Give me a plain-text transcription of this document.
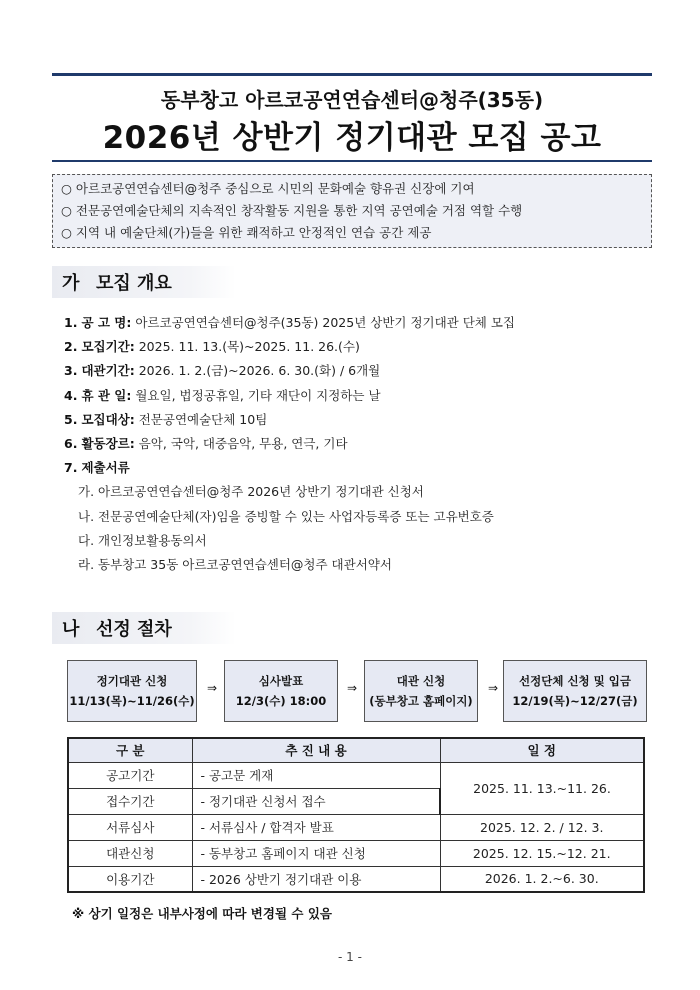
동부창고 아르코공연연습센터@청주(35동)
2026년 상반기 정기대관 모집 공고
○ 아르코공연연습센터@청주 중심으로 시민의 문화예술 향유권 신장에 기여
○ 전문공연예술단체의 지속적인 창작활동 지원을 통한 지역 공연예술 거점 역할 수행
○ 지역 내 예술단체(가)들을 위한 쾌적하고 안정적인 연습 공간 제공
가 모집 개요
1. 공 고 명: 아르코공연연습센터@청주(35동) 2025년 상반기 정기대관 단체 모집
2. 모집기간: 2025. 11. 13.(목)~2025. 11. 26.(수)
3. 대관기간: 2026. 1. 2.(금)~2026. 6. 30.(화) / 6개월
4. 휴 관 일: 월요일, 법정공휴일, 기타 재단이 지정하는 날
5. 모집대상: 전문공연예술단체 10팀
6. 활동장르: 음악, 국악, 대중음악, 무용, 연극, 기타
7. 제출서류
가. 아르코공연연습센터@청주 2026년 상반기 정기대관 신청서
나. 전문공연예술단체(자)임을 증빙할 수 있는 사업자등록증 또는 고유번호증
다. 개인정보활용동의서
라. 동부창고 35동 아르코공연연습센터@청주 대관서약서
나 선정 절차
정기대관 신청
11/13(목)~11/26(수)
⇒	심사발표
12/3(수) 18:00
⇒	대관 신청
(동부창고 홈페이지)
⇒	선정단체 신청 및 입금
12/19(목)~12/27(금)
구 분	추 진 내 용	일 정
공고기간	- 공고문 게재	2025. 11. 13.~11. 26.
접수기간	- 정기대관 신청서 접수	
서류심사	- 서류심사 / 합격자 발표	2025. 12. 2. / 12. 3.
대관신청	- 동부창고 홈페이지 대관 신청	2025. 12. 15.~12. 21.
이용기간	- 2026 상반기 정기대관 이용	2026. 1. 2.~6. 30.
※ 상기 일정은 내부사정에 따라 변경될 수 있음
- 1 -
